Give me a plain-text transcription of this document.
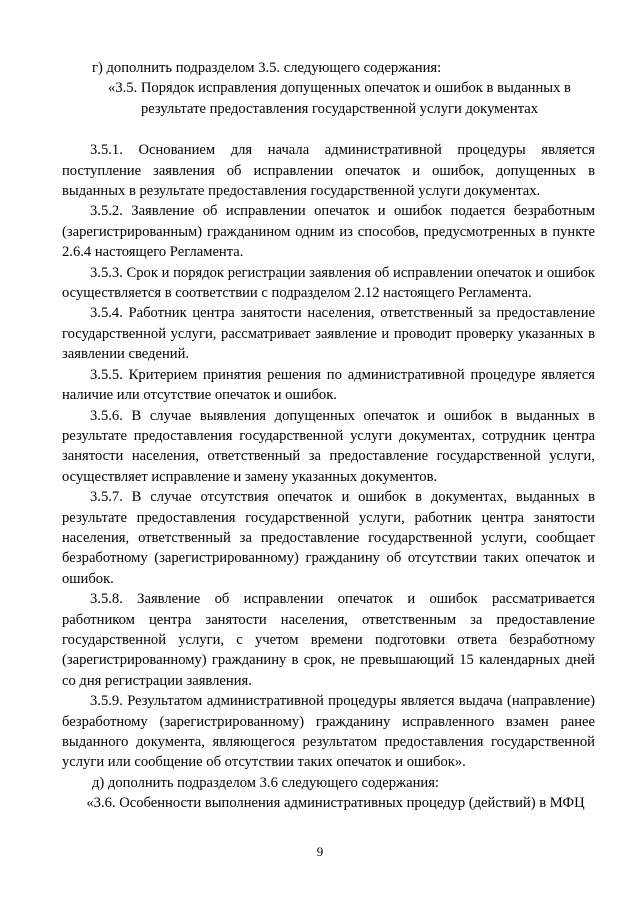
г) дополнить подразделом 3.5. следующего содержания:

«3.5. Порядок исправления допущенных опечаток и ошибок в выданных в результате предоставления государственной услуги документах

3.5.1. Основанием для начала административной процедуры является поступление заявления об исправлении опечаток и ошибок, допущенных в выданных в результате предоставления государственной услуги документах.

3.5.2. Заявление об исправлении опечаток и ошибок подается безработным (зарегистрированным) гражданином одним из способов, предусмотренных в пункте 2.6.4 настоящего Регламента.

3.5.3. Срок и порядок регистрации заявления об исправлении опечаток и ошибок осуществляется в соответствии с подразделом 2.12 настоящего Регламента.

3.5.4. Работник центра занятости населения, ответственный за предоставление государственной услуги, рассматривает заявление и проводит проверку указанных в заявлении сведений.

3.5.5. Критерием принятия решения по административной процедуре является наличие или отсутствие опечаток и ошибок.

3.5.6. В случае выявления допущенных опечаток и ошибок в выданных в результате предоставления государственной услуги документах, сотрудник центра занятости населения, ответственный за предоставление государственной услуги, осуществляет исправление и замену указанных документов.

3.5.7. В случае отсутствия опечаток и ошибок в документах, выданных в результате предоставления государственной услуги, работник центра занятости населения, ответственный за предоставление государственной услуги, сообщает безработному (зарегистрированному) гражданину об отсутствии таких опечаток и ошибок.

3.5.8. Заявление об исправлении опечаток и ошибок рассматривается работником центра занятости населения, ответственным за предоставление государственной услуги, с учетом времени подготовки ответа безработному (зарегистрированному) гражданину в срок, не превышающий 15 календарных дней со дня регистрации заявления.

3.5.9. Результатом административной процедуры является выдача (направление) безработному (зарегистрированному) гражданину исправленного взамен ранее выданного документа, являющегося результатом предоставления государственной услуги или сообщение об отсутствии таких опечаток и ошибок».

д) дополнить подразделом 3.6 следующего содержания:

«3.6. Особенности выполнения административных процедур (действий) в МФЦ

9
